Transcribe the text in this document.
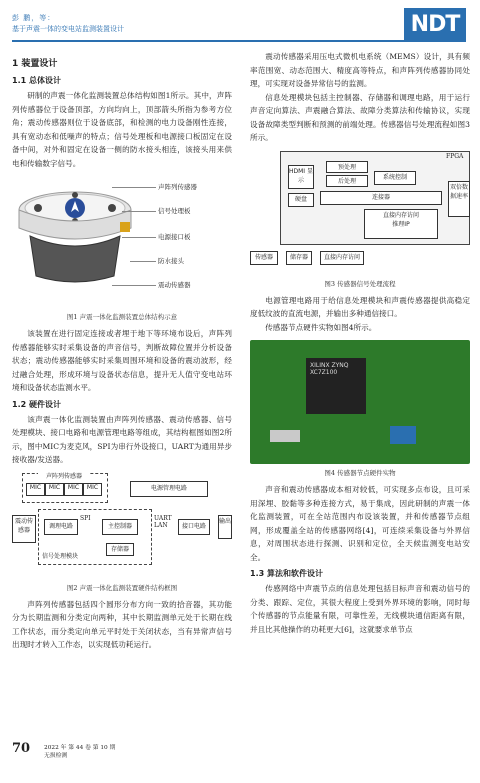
彭 鹏，等：
基于声震一体的变电站监测装置设计	NDT
1 装置设计
1.1 总体设计

研制的声震一体化监测装置总体结构如图1所示。其中，声阵列传感器位于设备顶部，方向均向上，顶部箭头所指为参考方位角；震动传感器则位于设备底部，和检测的电力设备刚性连接，具有宽动态和低噪声的特点；信号处理板和电源接口板固定在设备中间，对外和固定在设备一侧的防水接头相连，该接头用来供电和传输数字信号。

声阵列传感器
信号处理板
电源接口板
防水接头
震动传感器
图1 声震一体化监测装置总体结构示意

该装置在进行固定连接或者埋于地下等环境布设后，声阵列传感器能够实时采集设备的声音信号，判断故障位置并分析设备状态；震动传感器能够实时采集周围环境和设备的震动波形，经过融合处理，形成环境与设备状态信息，提升无人值守变电站环境和设备状态监测水平。

1.2 硬件设计

该声震一体化监测装置由声阵列传感器、震动传感器、信号处理模块、接口电路和电源管理电路等组成，其结构框图如图2所示，图中MIC为麦克风，SPI为串行外设接口，UART为通用异步接收器/发送器。

声阵列传感器
MIC	MIC	MIC	MIC	电源管理电路
震动传感器
调理电路
SPI
主控制器
存储器
信号处理模块
UART LAN	接口电路
输出
图2 声震一体化监测装置硬件结构框图

声阵列传感器包括四个圆形分布方向一致的拾音器，其功能分为长期监测和分类定向两种，其中长期监测单元处于长期在线工作状态，而分类定向单元平时处于关闭状态，当有异常声信号出现时才转入工作态，以实现低功耗运行。

震动传感器采用压电式微机电系统（MEMS）设计，具有频率范围宽、动态范围大、精度高等特点，和声阵列传感器协同处理，可实现对设备异常信号的监测。

信息处理模块包括主控制器、存储器和调理电路，用于运行声音定向算法、声震融合算法、故障分类算法和传输协议，实现设备故障类型判断和预测的前端处理。传感器信号处理流程如图3所示。

FPGA
HDMI 显示
硬盘
预处理
后处理
系统控制
连接器
双倍数据速率
直接内存访问
推理IP
传感器	储存器	直接内存访问
图3 传感器信号处理流程

电源管理电路用于给信息处理模块和声震传感器提供高稳定度低纹波的直流电源，并输出多种通信接口。

传感器节点硬件实物如图4所示。

XILINX ZYNQ XC7Z100
图4 传感器节点硬件实物

声音和震动传感器成本相对较低，可实现多点布设，且可采用深埋、胶黏等多种连接方式，易于集成，因此研制的声震一体化监测装置，可在全站范围内布设该装置，并和传感器节点组网，形成覆盖全站的传感器网络[4]，可连续采集设备与外界信息，对周围状态进行探测、识别和定位，全天候监测变电站安全。

1.3 算法和软件设计

传感网络中声震节点的信息处理包括目标声音和震动信号的分类、跟踪、定位，其很大程度上受到外界环境的影响，同时每个传感器的节点能量有限，可靠性差，无线模块通信距离有限，并且比其他操作的功耗更大[6]，这就要求单节点

70 2022 年 第 44 卷 第 10 期
无损检测
